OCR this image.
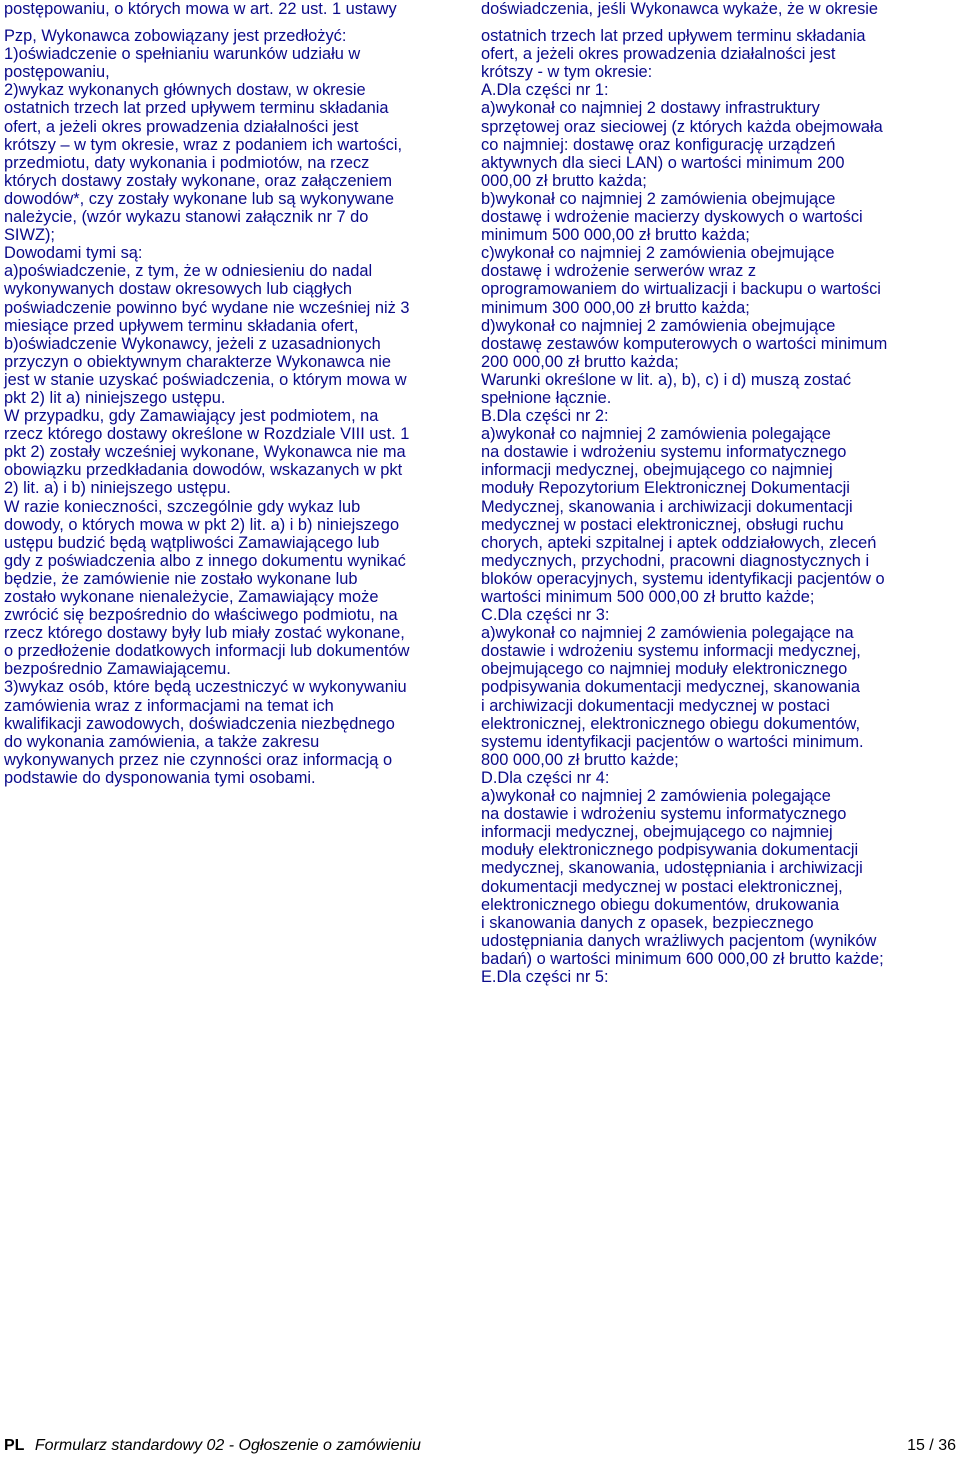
postępowaniu, o których mowa w art. 22 ust. 1 ustawy
Pzp, Wykonawca zobowiązany jest przedłożyć:
1)oświadczenie o spełnianiu warunków udziału w
postępowaniu,
2)wykaz wykonanych głównych dostaw, w okresie
ostatnich trzech lat przed upływem terminu składania
ofert, a jeżeli okres prowadzenia działalności jest
krótszy – w tym okresie, wraz z podaniem ich wartości,
przedmiotu, daty wykonania i podmiotów, na rzecz
których dostawy zostały wykonane, oraz załączeniem
dowodów*, czy zostały wykonane lub są wykonywane
należycie, (wzór wykazu stanowi załącznik nr 7 do
SIWZ);
Dowodami tymi są:
a)poświadczenie, z tym, że w odniesieniu do nadal
wykonywanych dostaw okresowych lub ciągłych
poświadczenie powinno być wydane nie wcześniej niż 3
miesiące przed upływem terminu składania ofert,
b)oświadczenie Wykonawcy, jeżeli z uzasadnionych
przyczyn o obiektywnym charakterze Wykonawca nie
jest w stanie uzyskać poświadczenia, o którym mowa w
pkt 2) lit a) niniejszego ustępu.
W przypadku, gdy Zamawiający jest podmiotem, na
rzecz którego dostawy określone w Rozdziale VIII ust. 1
pkt 2) zostały wcześniej wykonane, Wykonawca nie ma
obowiązku przedkładania dowodów, wskazanych w pkt
2) lit. a) i b) niniejszego ustępu.
W razie konieczności, szczególnie gdy wykaz lub
dowody, o których mowa w pkt 2) lit. a) i b) niniejszego
ustępu budzić będą wątpliwości Zamawiającego lub
gdy z poświadczenia albo z innego dokumentu wynikać
będzie, że zamówienie nie zostało wykonane lub
zostało wykonane nienależycie, Zamawiający może
zwrócić się bezpośrednio do właściwego podmiotu, na
rzecz którego dostawy były lub miały zostać wykonane,
o przedłożenie dodatkowych informacji lub dokumentów
bezpośrednio Zamawiającemu.
3)wykaz osób, które będą uczestniczyć w wykonywaniu
zamówienia wraz z informacjami na temat ich
kwalifikacji zawodowych, doświadczenia niezbędnego
do wykonania zamówienia, a także zakresu
wykonywanych przez nie czynności oraz informacją o
podstawie do dysponowania tymi osobami.
doświadczenia, jeśli Wykonawca wykaże, że w okresie
ostatnich trzech lat przed upływem terminu składania
ofert, a jeżeli okres prowadzenia działalności jest
krótszy - w tym okresie:
A.Dla części nr 1:
a)wykonał co najmniej 2 dostawy infrastruktury
sprzętowej oraz sieciowej (z których każda obejmowała
co najmniej: dostawę oraz konfigurację urządzeń
aktywnych dla sieci LAN) o wartości minimum 200
000,00 zł brutto każda;
b)wykonał co najmniej 2 zamówienia obejmujące
dostawę i wdrożenie macierzy dyskowych o wartości
minimum 500 000,00 zł brutto każda;
c)wykonał co najmniej 2 zamówienia obejmujące
dostawę i wdrożenie serwerów wraz z
oprogramowaniem do wirtualizacji i backupu o wartości
minimum 300 000,00 zł brutto każda;
d)wykonał co najmniej 2 zamówienia obejmujące
dostawę zestawów komputerowych o wartości minimum
200 000,00 zł brutto każda;
Warunki określone w lit. a), b), c) i d) muszą zostać
spełnione łącznie.
B.Dla części nr 2:
a)wykonał co najmniej 2 zamówienia polegające
na dostawie i wdrożeniu systemu informatycznego
informacji medycznej, obejmującego co najmniej
moduły Repozytorium Elektronicznej Dokumentacji
Medycznej, skanowania i archiwizacji dokumentacji
medycznej w postaci elektronicznej, obsługi ruchu
chorych, apteki szpitalnej i aptek oddziałowych, zleceń
medycznych, przychodni, pracowni diagnostycznych i
bloków operacyjnych, systemu identyfikacji pacjentów o
wartości minimum 500 000,00 zł brutto każde;
C.Dla części nr 3:
a)wykonał co najmniej 2 zamówienia polegające na
dostawie i wdrożeniu systemu informacji medycznej,
obejmującego co najmniej moduły elektronicznego
podpisywania dokumentacji medycznej, skanowania
i archiwizacji dokumentacji medycznej w postaci
elektronicznej, elektronicznego obiegu dokumentów,
systemu identyfikacji pacjentów o wartości minimum.
800 000,00 zł brutto każde;
D.Dla części nr 4:
a)wykonał co najmniej 2 zamówienia polegające
na dostawie i wdrożeniu systemu informatycznego
informacji medycznej, obejmującego co najmniej
moduły elektronicznego podpisywania dokumentacji
medycznej, skanowania, udostępniania i archiwizacji
dokumentacji medycznej w postaci elektronicznej,
elektronicznego obiegu dokumentów, drukowania
i skanowania danych z opasek, bezpiecznego
udostępniania danych wrażliwych pacjentom (wyników
badań) o wartości minimum 600 000,00 zł brutto każde;
E.Dla części nr 5:
PL Formularz standardowy 02 - Ogłoszenie o zamówieniu	15 / 36
